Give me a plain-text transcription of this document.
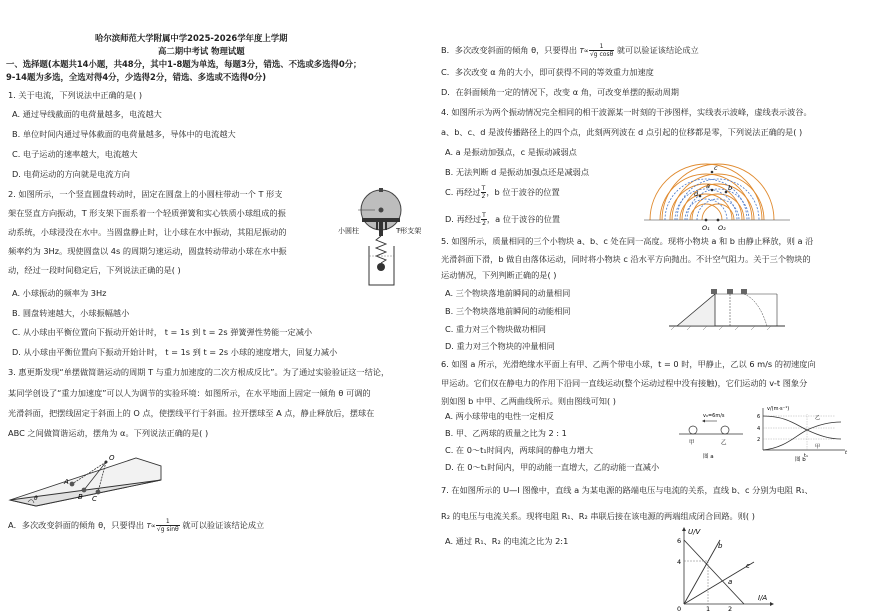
哈尔滨师范大学附属中学2025-2026学年度上学期
高二期中考试 物理试题
一、选择题(本题共14小题，共48分，其中1-8题为单选，每题3分，错选、不选或多选得0分；
9-14题为多选，全选对得4分，少选得2分，错选、多选或不选得0分)
1. 关于电流，下列说法中正确的是( )
A. 通过导线截面的电荷量越多，电流越大
B. 单位时间内通过导体截面的电荷量越多，导体中的电流越大
C. 电子运动的速率越大，电流越大
D. 电荷运动的方向就是电流方向
2. 如图所示，一个竖直圆盘转动时，固定在圆盘上的小圆柱带动一个 T 形支
架在竖直方向振动，T 形支架下面系着一个轻质弹簧和实心铁质小球组成的振
动系统，小球浸没在水中。当圆盘静止时，让小球在水中振动，其阻尼振动的
频率约为 3Hz。现使圆盘以 4s 的周期匀速运动，圆盘转动带动小球在水中振
动，经过一段时间稳定后，下列说法正确的是( )
A. 小球振动的频率为 3Hz
B. 圆盘转速越大，小球振幅越小
C. 从小球由平衡位置向下振动开始计时， t = 1s 到 t = 2s 弹簧弹性势能一定减小
D. 从小球由平衡位置向下振动开始计时， t = 1s 到 t = 2s 小球的速度增大，回复力减小
小圆柱	T形支架
3. 惠更斯发现“单摆做简谐运动的周期 T 与重力加速度的二次方根成反比”。为了通过实验验证这一结论，
某同学创设了“重力加速度”可以人为调节的实验环境：如图所示，在水平地面上固定一倾角 θ 可调的
光滑斜面，把摆线固定于斜面上的 O 点，使摆线平行于斜面。拉开摆球至 A 点，静止释放后，摆球在
ABC 之间做简谐运动，摆角为 α。下列说法正确的是( )
O
A
B C
θ
A．多次改变斜面的倾角 θ，只要得出 $T\propto \frac{1}{\text{√g sinθ}}$ 就可以验证该结论成立
B．多次改变斜面的倾角 θ，只要得出 $T\propto \frac{1}{\text{√g cosθ}}$ 就可以验证该结论成立
C．多次改变 α 角的大小，即可获得不同的等效重力加速度
D．在斜面倾角一定的情况下，改变 α 角，可改变单摆的振动周期
4. 如图所示为两个振动情况完全相同的相干波源某一时刻的干涉图样，实线表示波峰，虚线表示波谷。
a、b、c、d 是波传播路径上的四个点，此刻两列波在 d 点引起的位移都是零，下列说法正确的是( )
A. a 是振动加强点，c 是振动减弱点
B. 无法判断 d 是振动加强点还是减弱点
C. 再经过 $\frac{T}{2}$ ，b 位于波谷的位置
D. 再经过 $\frac{T}{2}$ ，a 位于波谷的位置
O₁ O₂
a	b
c
d
5. 如图所示，质量相同的三个小物块 a、b、c 处在同一高度。现将小物块 a 和 b 由静止释放，则 a 沿
光滑斜面下滑，b 做自由落体运动，同时将小物块 c 沿水平方向抛出。不计空气阻力。关于三个物块的
运动情况，下列判断正确的是( )
A. 三个物块落地前瞬间的动量相同
B. 三个物块落地前瞬间的动能相同
C. 重力对三个物块做功相同
D. 重力对三个物块的冲量相同
6. 如图 a 所示，光滑绝缘水平面上有甲、乙两个带电小球，t = 0 时，甲静止，乙以 6 m/s 的初速度向
甲运动。它们仅在静电力的作用下沿同一直线运动(整个运动过程中没有接触)，它们运动的 v-t 图象分
别如图 b 中甲、乙两曲线所示。则由图线可知( )
A. 两小球带电的电性一定相反
B. 甲、乙两球的质量之比为 2 : 1
C. 在 0～t₁时间内，两球间的静电力增大
D. 在 0～t₁时间内，甲的动能一直增大，乙的动能一直减小
甲	乙
v₀=6m/s
图 a
v/(m·s⁻¹)
6
4
2
t₁	t
乙
甲
图 b
7. 在如图所示的 U—I 图像中，直线 a 为某电源的路端电压与电流的关系，直线 b、c 分别为电阻 R₁、
R₂ 的电压与电流关系。现将电阻 R₁、R₂ 串联后接在该电源的两端组成闭合回路。则( )
A. 通过 R₁、R₂ 的电流之比为 2:1
U/V
I/A
6
4
0	1	2
a
b
c
